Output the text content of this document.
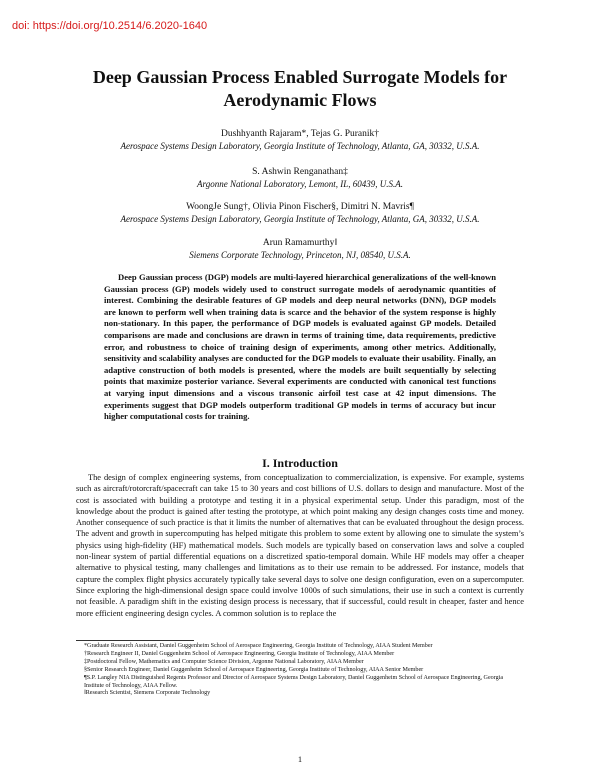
doi: https://doi.org/10.2514/6.2020-1640
Deep Gaussian Process Enabled Surrogate Models for
Aerodynamic Flows
Dushhyanth Rajaram*, Tejas G. Puranik†
Aerospace Systems Design Laboratory, Georgia Institute of Technology, Atlanta, GA, 30332, U.S.A.
S. Ashwin Renganathan‡
Argonne National Laboratory, Lemont, IL, 60439, U.S.A.
WoongJe Sung†, Olivia Pinon Fischer§, Dimitri N. Mavris¶
Aerospace Systems Design Laboratory, Georgia Institute of Technology, Atlanta, GA, 30332, U.S.A.
Arun Ramamurthy‖
Siemens Corporate Technology, Princeton, NJ, 08540, U.S.A.
Deep Gaussian process (DGP) models are multi-layered hierarchical generalizations of the well-known Gaussian process (GP) models widely used to construct surrogate models of aerodynamic quantities of interest. Combining the desirable features of GP models and deep neural networks (DNN), DGP models are known to perform well when training data is scarce and the behavior of the system response is highly non-stationary. In this paper, the performance of DGP models is evaluated against GP models. Detailed comparisons are made and conclusions are drawn in terms of training time, data requirements, predictive error, and robustness to choice of training design of experiments, among other metrics. Additionally, sensitivity and scalability analyses are conducted for the DGP models to evaluate their usability. Finally, an adaptive construction of both models is presented, where the models are built sequentially by selecting points that maximize posterior variance. Several experiments are conducted with canonical test functions at varying input dimensions and a viscous transonic airfoil test case at 42 input dimensions. The experiments suggest that DGP models outperform traditional GP models in terms of accuracy but incur higher computational costs for training.
I. Introduction
The design of complex engineering systems, from conceptualization to commercialization, is expensive. For example, systems such as aircraft/rotorcraft/spacecraft can take 15 to 30 years and cost billions of U.S. dollars to design and manufacture. Most of the cost is associated with building a prototype and testing it in a physical experimental setup. Under this paradigm, most of the knowledge about the product is gained after testing the prototype, at which point making any design changes costs time and money. Another consequence of such practice is that it limits the number of alternatives that can be evaluated throughout the design process. The advent and growth in supercomputing has helped mitigate this problem to some extent by allowing one to simulate the system’s physics using high-fidelity (HF) mathematical models. Such models are typically based on conservation laws and solve a coupled non-linear system of partial differential equations on a discretized spatio-temporal domain. While HF models may offer a cheaper alternative to physical testing, many challenges and limitations as to their use remain to be addressed. For instance, models that capture the complex flight physics accurately typically take several days to solve one design configuration, even on a supercomputer. Since exploring the high-dimensional design space could involve 1000s of such simulations, their use in such a context is currently not feasible. A paradigm shift in the existing design process is necessary, that if successful, could result in cheaper, faster and hence more efficient engineering design cycles. A common solution is to replace the
*Graduate Research Assistant, Daniel Guggenheim School of Aerospace Engineering, Georgia Institute of Technology, AIAA Student Member
†Research Engineer II, Daniel Guggenheim School of Aerospace Engineering, Georgia Institute of Technology, AIAA Member
‡Postdoctoral Fellow, Mathematics and Computer Science Division, Argonne National Laboratory, AIAA Member
§Senior Research Engineer, Daniel Guggenheim School of Aerospace Engineering, Georgia Institute of Technology, AIAA Senior Member
¶S.P. Langley NIA Distinguished Regents Professor and Director of Aerospace Systems Design Laboratory, Daniel Guggenheim School of Aerospace Engineering, Georgia Institute of Technology, AIAA Fellow.
‖Research Scientist, Siemens Corporate Technology
1
